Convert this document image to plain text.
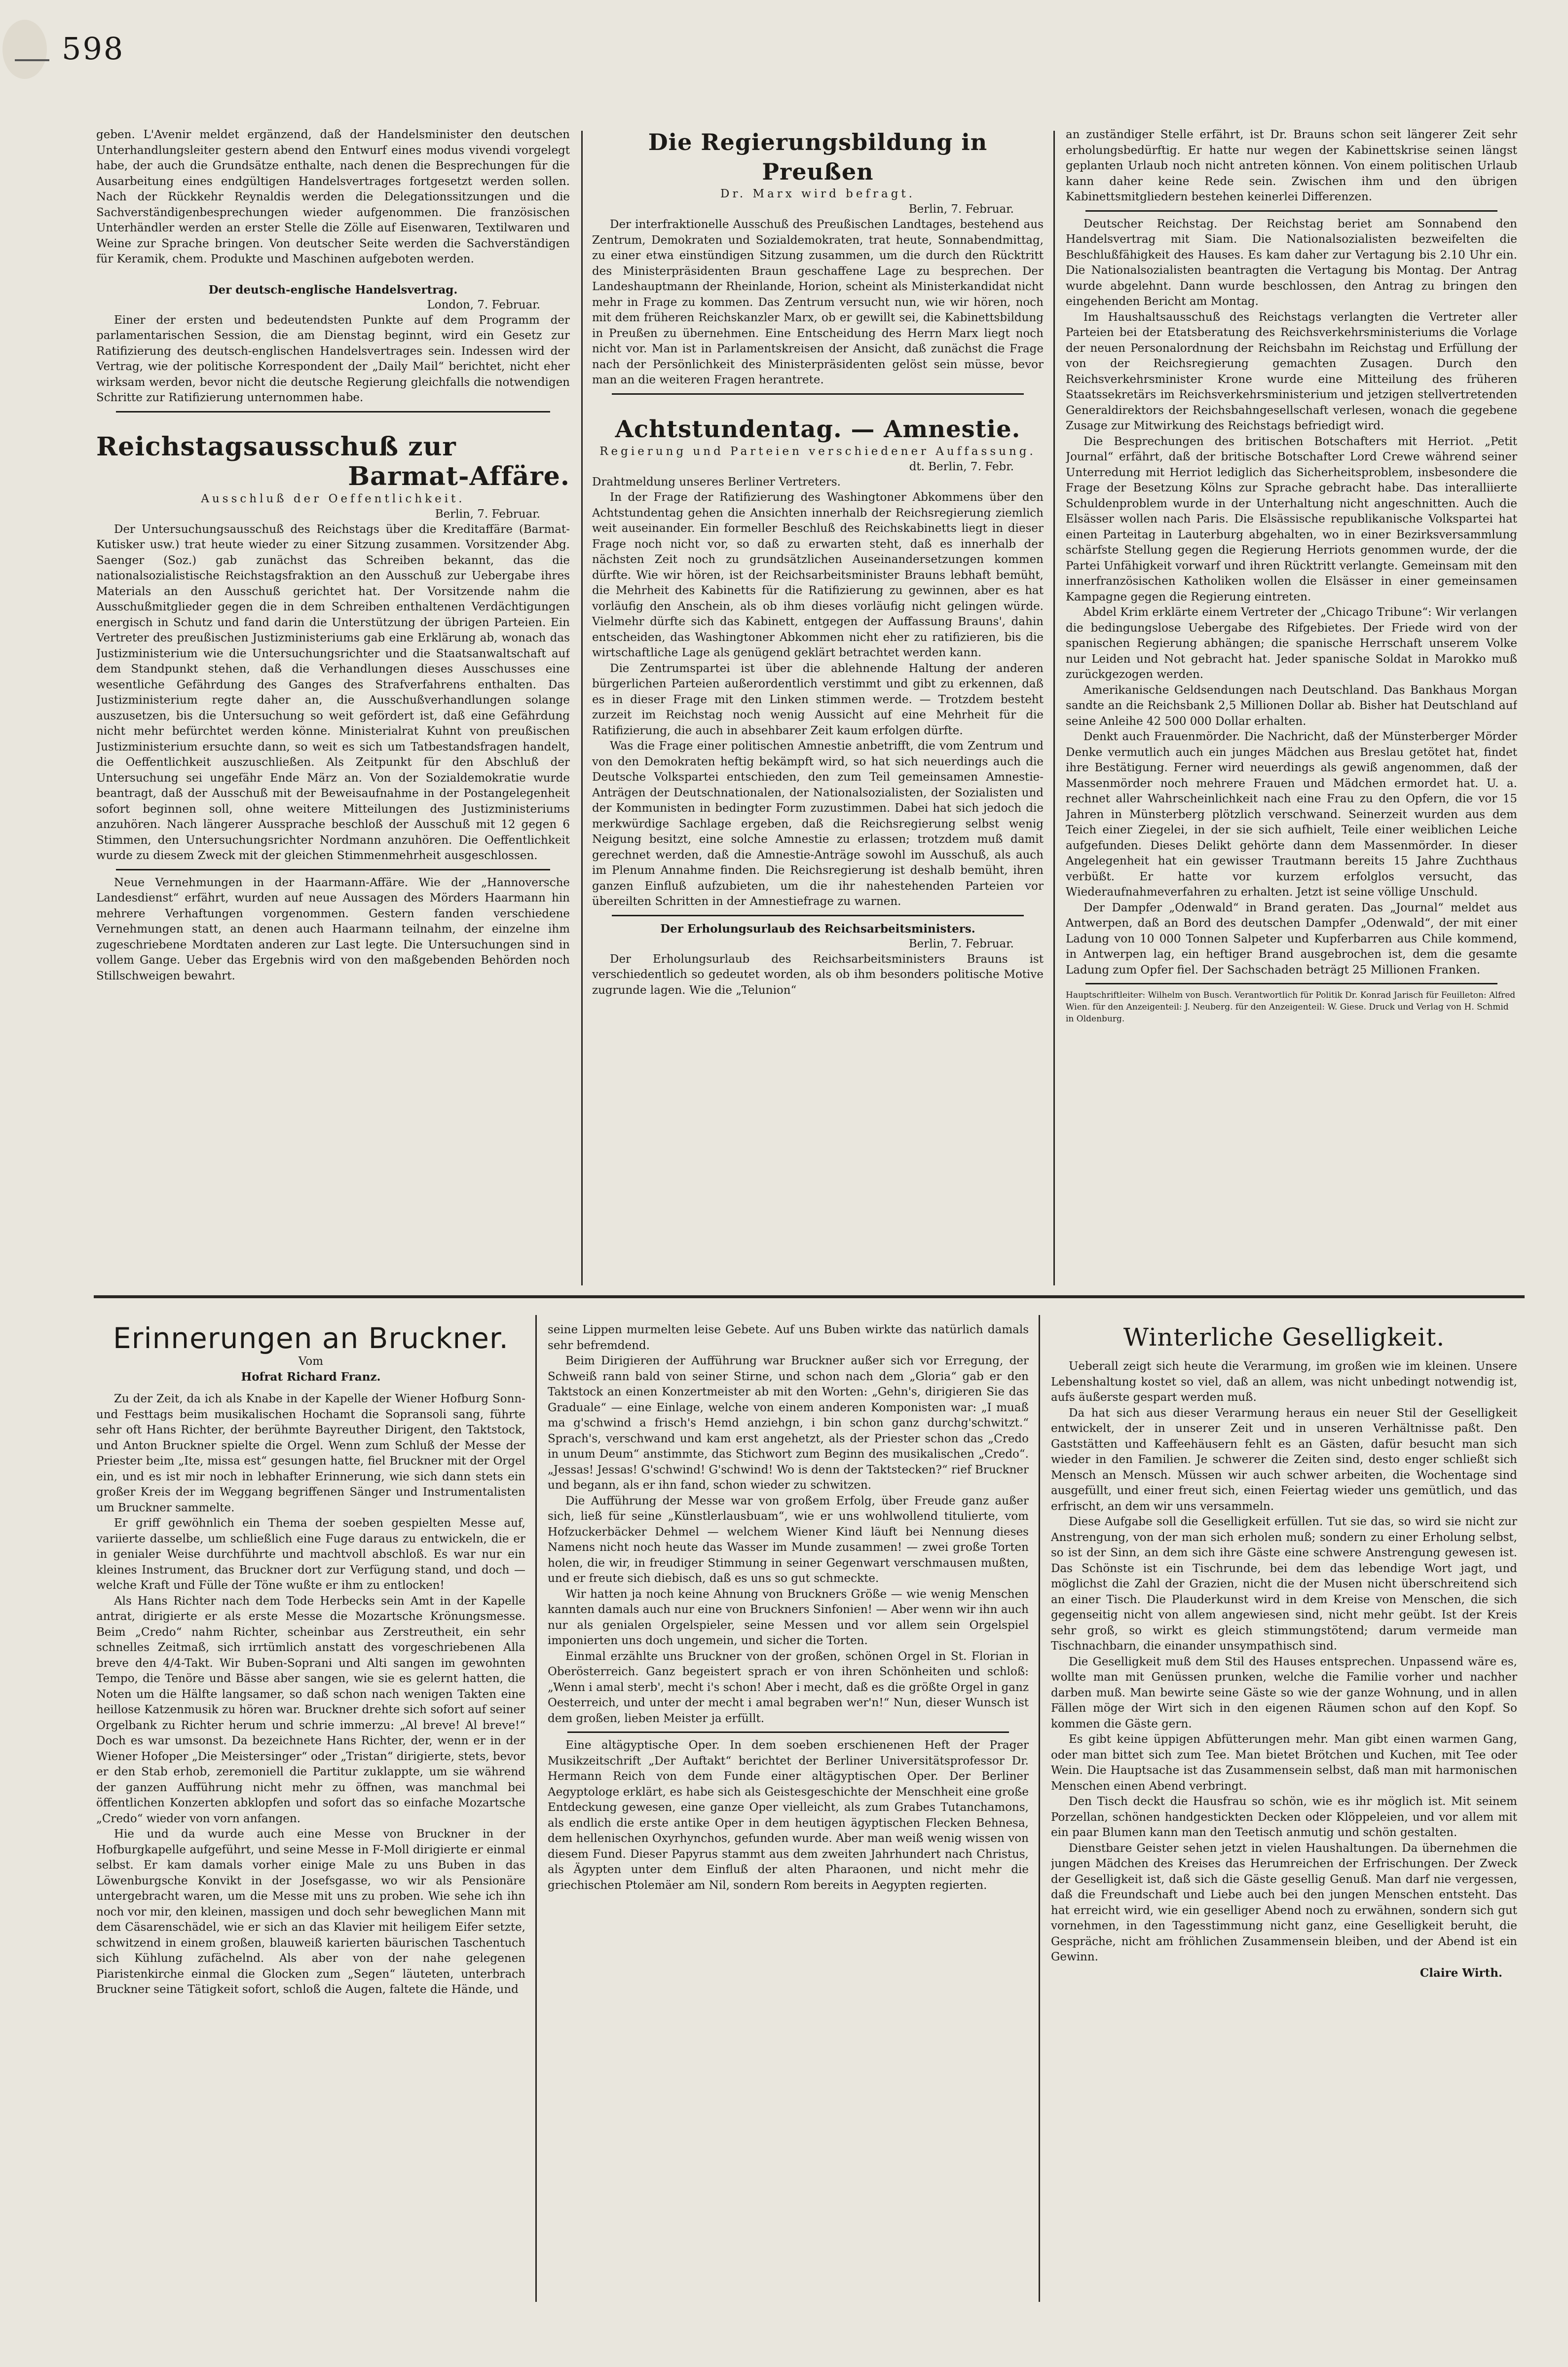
598

geben. L'Avenir meldet ergänzend, daß der Handelsminister den deutschen Unterhandlungsleiter gestern abend den Entwurf eines modus vivendi vorgelegt habe, der auch die Grundsätze enthalte, nach denen die Besprechungen für die Ausarbeitung eines endgültigen Handelsvertrages fortgesetzt werden sollen. Nach der Rückkehr Reynaldis werden die Delegationssitzungen und die Sachverständigenbesprechungen wieder aufgenommen. Die französischen Unterhändler werden an erster Stelle die Zölle auf Eisenwaren, Textilwaren und Weine zur Sprache bringen. Von deutscher Seite werden die Sachverständigen für Keramik, chem. Produkte und Maschinen aufgeboten werden.

Der deutsch-englische Handelsvertrag.

London, 7. Februar.

Einer der ersten und bedeutendsten Punkte auf dem Programm der parlamentarischen Session, die am Dienstag beginnt, wird ein Gesetz zur Ratifizierung des deutsch-englischen Handelsvertrages sein. Indessen wird der Vertrag, wie der politische Korrespondent der „Daily Mail“ berichtet, nicht eher wirksam werden, bevor nicht die deutsche Regierung gleichfalls die notwendigen Schritte zur Ratifizierung unternommen habe.

Reichstagsausschuß zur

Barmat-Affäre.

Ausschluß der Oeffentlichkeit.

Berlin, 7. Februar.

Der Untersuchungsausschuß des Reichstags über die Kreditaffäre (Barmat-Kutisker usw.) trat heute wieder zu einer Sitzung zusammen. Vorsitzender Abg. Saenger (Soz.) gab zunächst das Schreiben bekannt, das die nationalsozialistische Reichstagsfraktion an den Ausschuß zur Uebergabe ihres Materials an den Ausschuß gerichtet hat. Der Vorsitzende nahm die Ausschußmitglieder gegen die in dem Schreiben enthaltenen Verdächtigungen energisch in Schutz und fand darin die Unterstützung der übrigen Parteien. Ein Vertreter des preußischen Justizministeriums gab eine Erklärung ab, wonach das Justizministerium wie die Untersuchungsrichter und die Staatsanwaltschaft auf dem Standpunkt stehen, daß die Verhandlungen dieses Ausschusses eine wesentliche Gefährdung des Ganges des Strafverfahrens enthalten. Das Justizministerium regte daher an, die Ausschußverhandlungen solange auszusetzen, bis die Untersuchung so weit gefördert ist, daß eine Gefährdung nicht mehr befürchtet werden könne. Ministerialrat Kuhnt von preußischen Justizministerium ersuchte dann, so weit es sich um Tatbestandsfragen handelt, die Oeffentlichkeit auszuschließen. Als Zeitpunkt für den Abschluß der Untersuchung sei ungefähr Ende März an. Von der Sozialdemokratie wurde beantragt, daß der Ausschuß mit der Beweisaufnahme in der Postangelegenheit sofort beginnen soll, ohne weitere Mitteilungen des Justizministeriums anzuhören. Nach längerer Aussprache beschloß der Ausschuß mit 12 gegen 6 Stimmen, den Untersuchungsrichter Nordmann anzuhören. Die Oeffentlichkeit wurde zu diesem Zweck mit der gleichen Stimmenmehrheit ausgeschlossen.

Neue Vernehmungen in der Haarmann-Affäre. Wie der „Hannoversche Landesdienst“ erfährt, wurden auf neue Aussagen des Mörders Haarmann hin mehrere Verhaftungen vorgenommen. Gestern fanden verschiedene Vernehmungen statt, an denen auch Haarmann teilnahm, der einzelne ihm zugeschriebene Mordtaten anderen zur Last legte. Die Untersuchungen sind in vollem Gange. Ueber das Ergebnis wird von den maßgebenden Behörden noch Stillschweigen bewahrt.

Die Regierungsbildung in Preußen

Dr. Marx wird befragt.

Berlin, 7. Februar.

Der interfraktionelle Ausschuß des Preußischen Landtages, bestehend aus Zentrum, Demokraten und Sozialdemokraten, trat heute, Sonnabendmittag, zu einer etwa einstündigen Sitzung zusammen, um die durch den Rücktritt des Ministerpräsidenten Braun geschaffene Lage zu besprechen. Der Landeshauptmann der Rheinlande, Horion, scheint als Ministerkandidat nicht mehr in Frage zu kommen. Das Zentrum versucht nun, wie wir hören, noch mit dem früheren Reichskanzler Marx, ob er gewillt sei, die Kabinettsbildung in Preußen zu übernehmen. Eine Entscheidung des Herrn Marx liegt noch nicht vor. Man ist in Parlamentskreisen der Ansicht, daß zunächst die Frage nach der Persönlichkeit des Ministerpräsidenten gelöst sein müsse, bevor man an die weiteren Fragen herantrete.

Achtstundentag. — Amnestie.

Regierung und Parteien verschiedener Auffassung.

dt. Berlin, 7. Febr.

Drahtmeldung unseres Berliner Vertreters.

In der Frage der Ratifizierung des Washingtoner Abkommens über den Achtstundentag gehen die Ansichten innerhalb der Reichsregierung ziemlich weit auseinander. Ein formeller Beschluß des Reichskabinetts liegt in dieser Frage noch nicht vor, so daß zu erwarten steht, daß es innerhalb der nächsten Zeit noch zu grundsätzlichen Auseinandersetzungen kommen dürfte. Wie wir hören, ist der Reichsarbeitsminister Brauns lebhaft bemüht, die Mehrheit des Kabinetts für die Ratifizierung zu gewinnen, aber es hat vorläufig den Anschein, als ob ihm dieses vorläufig nicht gelingen würde. Vielmehr dürfte sich das Kabinett, entgegen der Auffassung Brauns', dahin entscheiden, das Washingtoner Abkommen nicht eher zu ratifizieren, bis die wirtschaftliche Lage als genügend geklärt betrachtet werden kann.

Die Zentrumspartei ist über die ablehnende Haltung der anderen bürgerlichen Parteien außerordentlich verstimmt und gibt zu erkennen, daß es in dieser Frage mit den Linken stimmen werde. — Trotzdem besteht zurzeit im Reichstag noch wenig Aussicht auf eine Mehrheit für die Ratifizierung, die auch in absehbarer Zeit kaum erfolgen dürfte.

Was die Frage einer politischen Amnestie anbetrifft, die vom Zentrum und von den Demokraten heftig bekämpft wird, so hat sich neuerdings auch die Deutsche Volkspartei entschieden, den zum Teil gemeinsamen Amnestie-Anträgen der Deutschnationalen, der Nationalsozialisten, der Sozialisten und der Kommunisten in bedingter Form zuzustimmen. Dabei hat sich jedoch die merkwürdige Sachlage ergeben, daß die Reichsregierung selbst wenig Neigung besitzt, eine solche Amnestie zu erlassen; trotzdem muß damit gerechnet werden, daß die Amnestie-Anträge sowohl im Ausschuß, als auch im Plenum Annahme finden. Die Reichsregierung ist deshalb bemüht, ihren ganzen Einfluß aufzubieten, um die ihr nahestehenden Parteien vor übereilten Schritten in der Amnestiefrage zu warnen.

Der Erholungsurlaub des Reichsarbeitsministers.

Berlin, 7. Februar.

Der Erholungsurlaub des Reichsarbeitsministers Brauns ist verschiedentlich so gedeutet worden, als ob ihm besonders politische Motive zugrunde lagen. Wie die „Telunion“

an zuständiger Stelle erfährt, ist Dr. Brauns schon seit längerer Zeit sehr erholungsbedürftig. Er hatte nur wegen der Kabinettskrise seinen längst geplanten Urlaub noch nicht antreten können. Von einem politischen Urlaub kann daher keine Rede sein. Zwischen ihm und den übrigen Kabinettsmitgliedern bestehen keinerlei Differenzen.

Deutscher Reichstag. Der Reichstag beriet am Sonnabend den Handelsvertrag mit Siam. Die Nationalsozialisten bezweifelten die Beschlußfähigkeit des Hauses. Es kam daher zur Vertagung bis 2.10 Uhr ein. Die Nationalsozialisten beantragten die Vertagung bis Montag. Der Antrag wurde abgelehnt. Dann wurde beschlossen, den Antrag zu bringen den eingehenden Bericht am Montag.

Im Haushaltsausschuß des Reichstags verlangten die Vertreter aller Parteien bei der Etatsberatung des Reichsverkehrsministeriums die Vorlage der neuen Personalordnung der Reichsbahn im Reichstag und Erfüllung der von der Reichsregierung gemachten Zusagen. Durch den Reichsverkehrsminister Krone wurde eine Mitteilung des früheren Staatssekretärs im Reichsverkehrsministerium und jetzigen stellvertretenden Generaldirektors der Reichsbahngesellschaft verlesen, wonach die gegebene Zusage zur Mitwirkung des Reichstags befriedigt wird.

Die Besprechungen des britischen Botschafters mit Herriot. „Petit Journal“ erfährt, daß der britische Botschafter Lord Crewe während seiner Unterredung mit Herriot lediglich das Sicherheitsproblem, insbesondere die Frage der Besetzung Kölns zur Sprache gebracht habe. Das interalliierte Schuldenproblem wurde in der Unterhaltung nicht angeschnitten. Auch die Elsässer wollen nach Paris. Die Elsässische republikanische Volkspartei hat einen Parteitag in Lauterburg abgehalten, wo in einer Bezirksversammlung schärfste Stellung gegen die Regierung Herriots genommen wurde, der die Partei Unfähigkeit vorwarf und ihren Rücktritt verlangte. Gemeinsam mit den innerfranzösischen Katholiken wollen die Elsässer in einer gemeinsamen Kampagne gegen die Regierung eintreten.

Abdel Krim erklärte einem Vertreter der „Chicago Tribune“: Wir verlangen die bedingungslose Uebergabe des Rifgebietes. Der Friede wird von der spanischen Regierung abhängen; die spanische Herrschaft unserem Volke nur Leiden und Not gebracht hat. Jeder spanische Soldat in Marokko muß zurückgezogen werden.

Amerikanische Geldsendungen nach Deutschland. Das Bankhaus Morgan sandte an die Reichsbank 2,5 Millionen Dollar ab. Bisher hat Deutschland auf seine Anleihe 42 500 000 Dollar erhalten.

Denkt auch Frauenmörder. Die Nachricht, daß der Münsterberger Mörder Denke vermutlich auch ein junges Mädchen aus Breslau getötet hat, findet ihre Bestätigung. Ferner wird neuerdings als gewiß angenommen, daß der Massenmörder noch mehrere Frauen und Mädchen ermordet hat. U. a. rechnet aller Wahrscheinlichkeit nach eine Frau zu den Opfern, die vor 15 Jahren in Münsterberg plötzlich verschwand. Seinerzeit wurden aus dem Teich einer Ziegelei, in der sie sich aufhielt, Teile einer weiblichen Leiche aufgefunden. Dieses Delikt gehörte dann dem Massenmörder. In dieser Angelegenheit hat ein gewisser Trautmann bereits 15 Jahre Zuchthaus verbüßt. Er hatte vor kurzem erfolglos versucht, das Wiederaufnahmeverfahren zu erhalten. Jetzt ist seine völlige Unschuld.

Der Dampfer „Odenwald“ in Brand geraten. Das „Journal“ meldet aus Antwerpen, daß an Bord des deutschen Dampfer „Odenwald“, der mit einer Ladung von 10 000 Tonnen Salpeter und Kupferbarren aus Chile kommend, in Antwerpen lag, ein heftiger Brand ausgebrochen ist, dem die gesamte Ladung zum Opfer fiel. Der Sachschaden beträgt 25 Millionen Franken.

Hauptschriftleiter: Wilhelm von Busch. Verantwortlich für Politik Dr. Konrad Jarisch für Feuilleton: Alfred Wien. für den Anzeigenteil: J. Neuberg. für den Anzeigenteil: W. Giese. Druck und Verlag von H. Schmid in Oldenburg.

Erinnerungen an Bruckner.

Vom

Hofrat Richard Franz.

Zu der Zeit, da ich als Knabe in der Kapelle der Wiener Hofburg Sonn- und Festtags beim musikalischen Hochamt die Sopransoli sang, führte sehr oft Hans Richter, der berühmte Bayreuther Dirigent, den Taktstock, und Anton Bruckner spielte die Orgel. Wenn zum Schluß der Messe der Priester beim „Ite, missa est“ gesungen hatte, fiel Bruckner mit der Orgel ein, und es ist mir noch in lebhafter Erinnerung, wie sich dann stets ein großer Kreis der im Weggang begriffenen Sänger und Instrumentalisten um Bruckner sammelte.

Er griff gewöhnlich ein Thema der soeben gespielten Messe auf, variierte dasselbe, um schließlich eine Fuge daraus zu entwickeln, die er in genialer Weise durchführte und machtvoll abschloß. Es war nur ein kleines Instrument, das Bruckner dort zur Verfügung stand, und doch — welche Kraft und Fülle der Töne wußte er ihm zu entlocken!

Als Hans Richter nach dem Tode Herbecks sein Amt in der Kapelle antrat, dirigierte er als erste Messe die Mozartsche Krönungsmesse. Beim „Credo“ nahm Richter, scheinbar aus Zerstreutheit, ein sehr schnelles Zeitmaß, sich irrtümlich anstatt des vorgeschriebenen Alla breve den 4/4-Takt. Wir Buben-Soprani und Alti sangen im gewohnten Tempo, die Tenöre und Bässe aber sangen, wie sie es gelernt hatten, die Noten um die Hälfte langsamer, so daß schon nach wenigen Takten eine heillose Katzenmusik zu hören war. Bruckner drehte sich sofort auf seiner Orgelbank zu Richter herum und schrie immerzu: „Al breve! Al breve!“ Doch es war umsonst. Da bezeichnete Hans Richter, der, wenn er in der Wiener Hofoper „Die Meistersinger“ oder „Tristan“ dirigierte, stets, bevor er den Stab erhob, zeremoniell die Partitur zuklappte, um sie während der ganzen Aufführung nicht mehr zu öffnen, was manchmal bei öffentlichen Konzerten abklopfen und sofort das so einfache Mozartsche „Credo“ wieder von vorn anfangen.

Hie und da wurde auch eine Messe von Bruckner in der Hofburgkapelle aufgeführt, und seine Messe in F-Moll dirigierte er einmal selbst. Er kam damals vorher einige Male zu uns Buben in das Löwenburgsche Konvikt in der Josefsgasse, wo wir als Pensionäre untergebracht waren, um die Messe mit uns zu proben. Wie sehe ich ihn noch vor mir, den kleinen, massigen und doch sehr beweglichen Mann mit dem Cäsarenschädel, wie er sich an das Klavier mit heiligem Eifer setzte, schwitzend in einem großen, blauweiß karierten bäurischen Taschentuch sich Kühlung zufächelnd. Als aber von der nahe gelegenen Piaristenkirche einmal die Glocken zum „Segen“ läuteten, unterbrach Bruckner seine Tätigkeit sofort, schloß die Augen, faltete die Hände, und

seine Lippen murmelten leise Gebete. Auf uns Buben wirkte das natürlich damals sehr befremdend.

Beim Dirigieren der Aufführung war Bruckner außer sich vor Erregung, der Schweiß rann bald von seiner Stirne, und schon nach dem „Gloria“ gab er den Taktstock an einen Konzertmeister ab mit den Worten: „Gehn's, dirigieren Sie das Graduale“ — eine Einlage, welche von einem anderen Komponisten war: „I muaß ma g'schwind a frisch's Hemd anziehgn, i bin schon ganz durchg'schwitzt.“ Sprach's, verschwand und kam erst angehetzt, als der Priester schon das „Credo in unum Deum“ anstimmte, das Stichwort zum Beginn des musikalischen „Credo“. „Jessas! Jessas! G'schwind! G'schwind! Wo is denn der Taktstecken?“ rief Bruckner und begann, als er ihn fand, schon wieder zu schwitzen.

Die Aufführung der Messe war von großem Erfolg, über Freude ganz außer sich, ließ für seine „Künstlerlausbuam“, wie er uns wohlwollend titulierte, vom Hofzuckerbäcker Dehmel — welchem Wiener Kind läuft bei Nennung dieses Namens nicht noch heute das Wasser im Munde zusammen! — zwei große Torten holen, die wir, in freudiger Stimmung in seiner Gegenwart verschmausen mußten, und er freute sich diebisch, daß es uns so gut schmeckte.

Wir hatten ja noch keine Ahnung von Bruckners Größe — wie wenig Menschen kannten damals auch nur eine von Bruckners Sinfonien! — Aber wenn wir ihn auch nur als genialen Orgelspieler, seine Messen und vor allem sein Orgelspiel imponierten uns doch ungemein, und sicher die Torten.

Einmal erzählte uns Bruckner von der großen, schönen Orgel in St. Florian in Oberösterreich. Ganz begeistert sprach er von ihren Schönheiten und schloß: „Wenn i amal sterb', mecht i's schon! Aber i mecht, daß es die größte Orgel in ganz Oesterreich, und unter der mecht i amal begraben wer'n!“ Nun, dieser Wunsch ist dem großen, lieben Meister ja erfüllt.

Eine altägyptische Oper. In dem soeben erschienenen Heft der Prager Musikzeitschrift „Der Auftakt“ berichtet der Berliner Universitätsprofessor Dr. Hermann Reich von dem Funde einer altägyptischen Oper. Der Berliner Aegyptologe erklärt, es habe sich als Geistesgeschichte der Menschheit eine große Entdeckung gewesen, eine ganze Oper vielleicht, als zum Grabes Tutanchamons, als endlich die erste antike Oper in dem heutigen ägyptischen Flecken Behnesa, dem hellenischen Oxyrhynchos, gefunden wurde. Aber man weiß wenig wissen von diesem Fund. Dieser Papyrus stammt aus dem zweiten Jahrhundert nach Christus, als Ägypten unter dem Einfluß der alten Pharaonen, und nicht mehr die griechischen Ptolemäer am Nil, sondern Rom bereits in Aegypten regierten.

Winterliche Geselligkeit.

Ueberall zeigt sich heute die Verarmung, im großen wie im kleinen. Unsere Lebenshaltung kostet so viel, daß an allem, was nicht unbedingt notwendig ist, aufs äußerste gespart werden muß.

Da hat sich aus dieser Verarmung heraus ein neuer Stil der Geselligkeit entwickelt, der in unserer Zeit und in unseren Verhältnisse paßt. Den Gaststätten und Kaffeehäusern fehlt es an Gästen, dafür besucht man sich wieder in den Familien. Je schwerer die Zeiten sind, desto enger schließt sich Mensch an Mensch. Müssen wir auch schwer arbeiten, die Wochentage sind ausgefüllt, und einer freut sich, einen Feiertag wieder uns gemütlich, und das erfrischt, an dem wir uns versammeln.

Diese Aufgabe soll die Geselligkeit erfüllen. Tut sie das, so wird sie nicht zur Anstrengung, von der man sich erholen muß; sondern zu einer Erholung selbst, so ist der Sinn, an dem sich ihre Gäste eine schwere Anstrengung gewesen ist. Das Schönste ist ein Tischrunde, bei dem das lebendige Wort jagt, und möglichst die Zahl der Grazien, nicht die der Musen nicht überschreitend sich an einer Tisch. Die Plauderkunst wird in dem Kreise von Menschen, die sich gegenseitig nicht von allem angewiesen sind, nicht mehr geübt. Ist der Kreis sehr groß, so wirkt es gleich stimmungstötend; darum vermeide man Tischnachbarn, die einander unsympathisch sind.

Die Geselligkeit muß dem Stil des Hauses entsprechen. Unpassend wäre es, wollte man mit Genüssen prunken, welche die Familie vorher und nachher darben muß. Man bewirte seine Gäste so wie der ganze Wohnung, und in allen Fällen möge der Wirt sich in den eigenen Räumen schon auf den Kopf. So kommen die Gäste gern.

Es gibt keine üppigen Abfütterungen mehr. Man gibt einen warmen Gang, oder man bittet sich zum Tee. Man bietet Brötchen und Kuchen, mit Tee oder Wein. Die Hauptsache ist das Zusammensein selbst, daß man mit harmonischen Menschen einen Abend verbringt.

Den Tisch deckt die Hausfrau so schön, wie es ihr möglich ist. Mit seinem Porzellan, schönen handgestickten Decken oder Klöppeleien, und vor allem mit ein paar Blumen kann man den Teetisch anmutig und schön gestalten.

Dienstbare Geister sehen jetzt in vielen Haushaltungen. Da übernehmen die jungen Mädchen des Kreises das Herumreichen der Erfrischungen. Der Zweck der Geselligkeit ist, daß sich die Gäste gesellig Genuß. Man darf nie vergessen, daß die Freundschaft und Liebe auch bei den jungen Menschen entsteht. Das hat erreicht wird, wie ein geselliger Abend noch zu erwähnen, sondern sich gut vornehmen, in den Tagesstimmung nicht ganz, eine Geselligkeit beruht, die Gespräche, nicht am fröhlichen Zusammensein bleiben, und der Abend ist ein Gewinn.

Claire Wirth.
